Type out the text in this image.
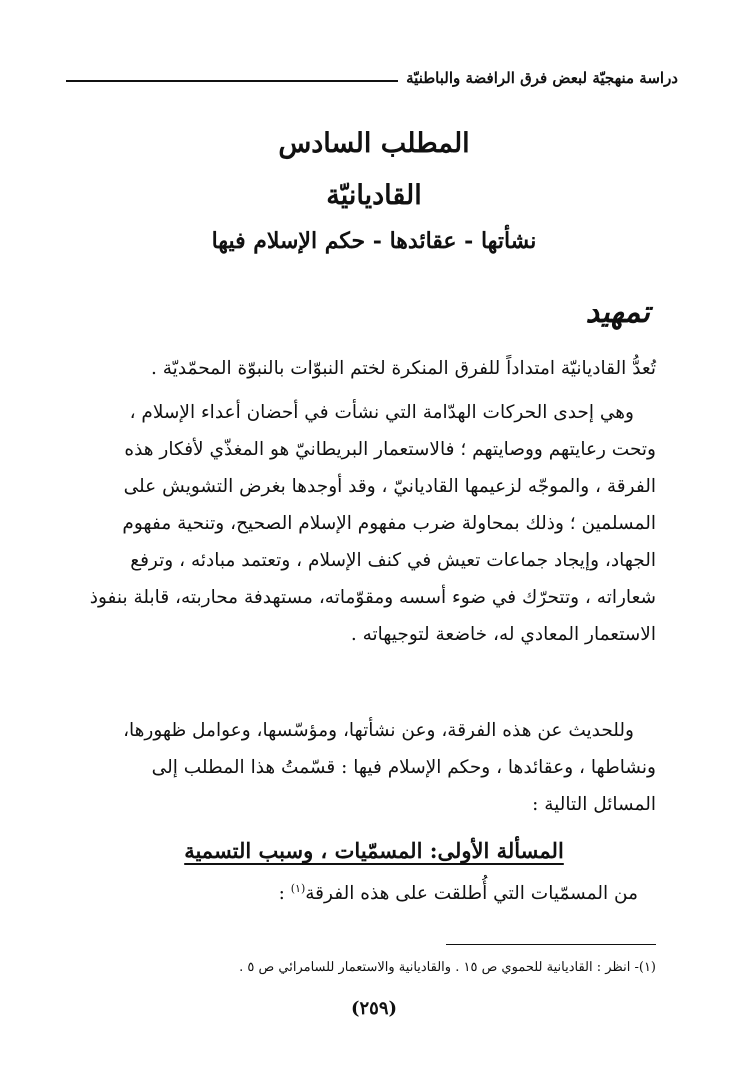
دراسة منهجيّة لبعض فرق الرافضة والباطنيّة
المطلب السادس
القاديانيّة
نشأتها - عقائدها - حكم الإسلام فيها
تمهيد
تُعدُّ القاديانيّة امتداداً للفرق المنكرة لختم النبوّات بالنبوّة المحمّديّة .
وهي إحدى الحركات الهدّامة التي نشأت في أحضان أعداء الإسلام ،
وتحت رعايتهم ووصايتهم ؛ فالاستعمار البريطانيّ هو المغذّي لأفكار هذه
الفرقة ، والموجّه لزعيمها القاديانيّ ، وقد أوجدها بغرض التشويش على
المسلمين ؛ وذلك بمحاولة ضرب مفهوم الإسلام الصحيح، وتنحية مفهوم
الجهاد، وإيجاد جماعات تعيش في كنف الإسلام ، وتعتمد مبادئه ، وترفع
شعاراته ، وتتحرّك في ضوء أسسه ومقوّماته، مستهدفة محاربته، قابلة بنفوذ
الاستعمار المعادي له، خاضعة لتوجيهاته .
وللحديث عن هذه الفرقة، وعن نشأتها، ومؤسّسها، وعوامل ظهورها،
ونشاطها ، وعقائدها ، وحكم الإسلام فيها : قسّمتُ هذا المطلب إلى
المسائل التالية :
المسألة الأولى: المسمّيات ، وسبب التسمية
من المسمّيات التي أُطلقت على هذه الفرقة$^{(١)}$ :
(١)- انظر : القاديانية للحموي ص ١٥ . والقاديانية والاستعمار للسامرائي ص ٥ .
(٢٥٩)
